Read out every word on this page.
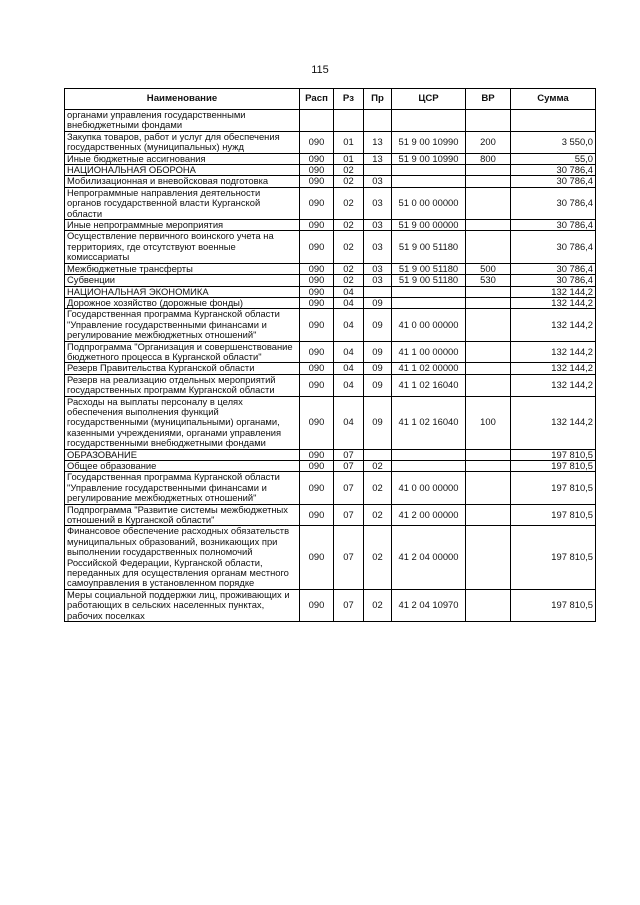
115
Наименование	Расп	Рз	Пр	ЦСР	ВР	Сумма
органами управления государственными внебюджетными фондами						
Закупка товаров, работ и услуг для обеспечения государственных (муниципальных) нужд	090	01	13	51 9 00 10990	200	3 550,0
Иные бюджетные ассигнования	090	01	13	51 9 00 10990	800	55,0
НАЦИОНАЛЬНАЯ ОБОРОНА	090	02				30 786,4
Мобилизационная и вневойсковая подготовка	090	02	03			30 786,4
Непрограммные направления деятельности органов государственной власти Курганской области	090	02	03	51 0 00 00000		30 786,4
Иные непрограммные мероприятия	090	02	03	51 9 00 00000		30 786,4
Осуществление первичного воинского учета на территориях, где отсутствуют военные комиссариаты	090	02	03	51 9 00 51180		30 786,4
Межбюджетные трансферты	090	02	03	51 9 00 51180	500	30 786,4
Субвенции	090	02	03	51 9 00 51180	530	30 786,4
НАЦИОНАЛЬНАЯ ЭКОНОМИКА	090	04				132 144,2
Дорожное хозяйство (дорожные фонды)	090	04	09			132 144,2
Государственная программа Курганской области "Управление государственными финансами и регулирование межбюджетных отношений"	090	04	09	41 0 00 00000		132 144,2
Подпрограмма "Организация и совершенствование бюджетного процесса в Курганской области"	090	04	09	41 1 00 00000		132 144,2
Резерв Правительства Курганской области	090	04	09	41 1 02 00000		132 144,2
Резерв на реализацию отдельных мероприятий государственных программ Курганской области	090	04	09	41 1 02 16040		132 144,2
Расходы на выплаты персоналу в целях обеспечения выполнения функций государственными (муниципальными) органами, казенными учреждениями, органами управления государственными внебюджетными фондами	090	04	09	41 1 02 16040	100	132 144,2
ОБРАЗОВАНИЕ	090	07				197 810,5
Общее образование	090	07	02			197 810,5
Государственная программа Курганской области "Управление государственными финансами и регулирование межбюджетных отношений"	090	07	02	41 0 00 00000		197 810,5
Подпрограмма "Развитие системы межбюджетных отношений в Курганской области"	090	07	02	41 2 00 00000		197 810,5
Финансовое обеспечение расходных обязательств муниципальных образований, возникающих при выполнении государственных полномочий Российской Федерации, Курганской области, переданных для осуществления органам местного самоуправления в установленном порядке	090	07	02	41 2 04 00000		197 810,5
Меры социальной поддержки лиц, проживающих и работающих в сельских населенных пунктах, рабочих поселках	090	07	02	41 2 04 10970		197 810,5
